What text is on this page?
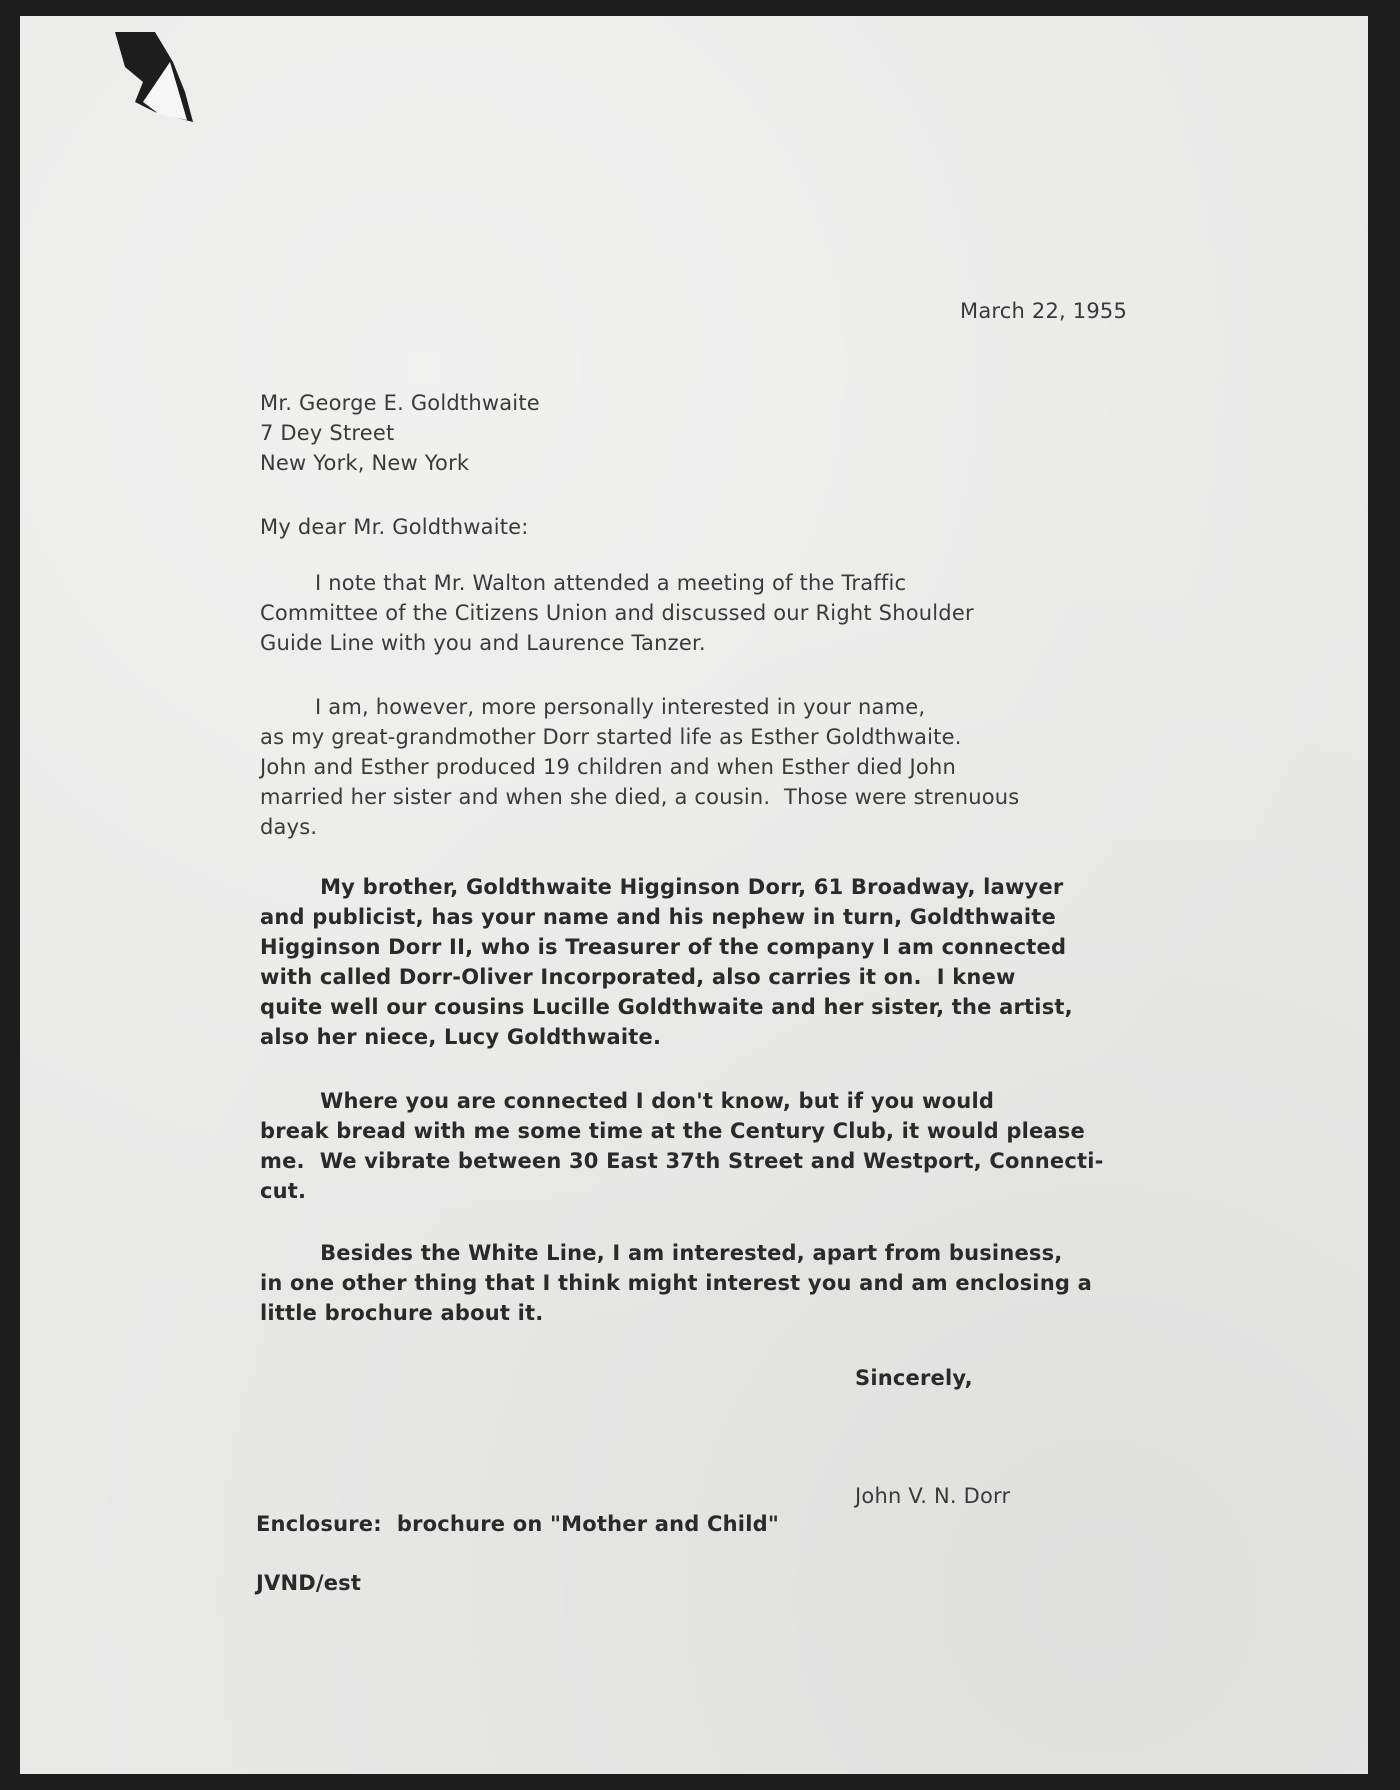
March 22, 1955
Mr. George E. Goldthwaite
7 Dey Street
New York, New York
My dear Mr. Goldthwaite:
I note that Mr. Walton attended a meeting of the Traffic
Committee of the Citizens Union and discussed our Right Shoulder
Guide Line with you and Laurence Tanzer.
I am, however, more personally interested in your name,
as my great-grandmother Dorr started life as Esther Goldthwaite.
John and Esther produced 19 children and when Esther died John
married her sister and when she died, a cousin.  Those were strenuous
days.
My brother, Goldthwaite Higginson Dorr, 61 Broadway, lawyer
and publicist, has your name and his nephew in turn, Goldthwaite
Higginson Dorr II, who is Treasurer of the company I am connected
with called Dorr-Oliver Incorporated, also carries it on.  I knew
quite well our cousins Lucille Goldthwaite and her sister, the artist,
also her niece, Lucy Goldthwaite.
Where you are connected I don't know, but if you would
break bread with me some time at the Century Club, it would please
me.  We vibrate between 30 East 37th Street and Westport, Connecti-
cut.
Besides the White Line, I am interested, apart from business,
in one other thing that I think might interest you and am enclosing a
little brochure about it.
Sincerely,
John V. N. Dorr
Enclosure:  brochure on "Mother and Child"
JVND/est
